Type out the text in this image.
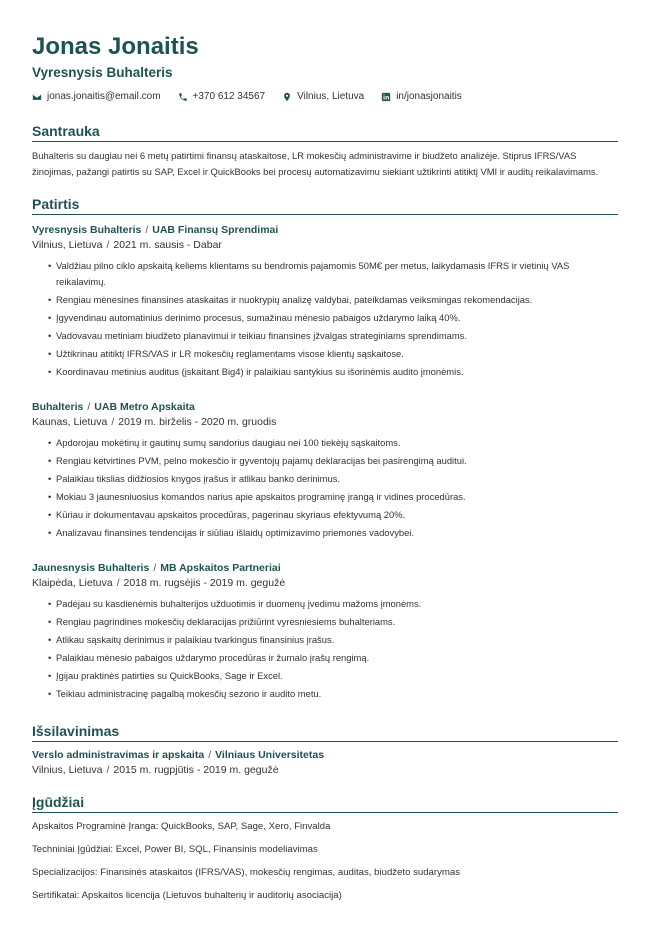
Jonas Jonaitis
Vyresnysis Buhalteris
jonas.jonaitis@email.com	+370 612 34567	Vilnius, Lietuva	in/jonasjonaitis
Santrauka
Buhalteris su daugiau nei 6 metų patirtimi finansų ataskaitose, LR mokesčių administravime ir biudžeto analizėje. Stiprus IFRS/VAS žinojimas, pažangi patirtis su SAP, Excel ir QuickBooks bei procesų automatizavimu siekiant užtikrinti atitiktį VMI ir auditų reikalavimams.
Patirtis
Vyresnysis Buhalteris / UAB Finansų Sprendimai
Vilnius, Lietuva / 2021 m. sausis - Dabar
• Valdžiau pilno ciklo apskaitą keliems klientams su bendromis pajamomis 50M€ per metus, laikydamasis IFRS ir vietinių VAS reikalavimų.
• Rengiau mėnesines finansines ataskaitas ir nuokrypių analizę valdybai, pateikdamas veiksmingas rekomendacijas.
• Įgyvendinau automatinius derinimo procesus, sumažinau mėnesio pabaigos uždarymo laiką 40%.
• Vadovavau metiniam biudžeto planavimui ir teikiau finansines įžvalgas strateginiams sprendimams.
• Užtikrinau atitiktį IFRS/VAS ir LR mokesčių reglamentams visose klientų sąskaitose.
• Koordinavau metinius auditus (įskaitant Big4) ir palaikiau santykius su išorinėmis audito įmonėmis.
Buhalteris / UAB Metro Apskaita
Kaunas, Lietuva / 2019 m. birželis - 2020 m. gruodis
• Apdorojau mokėtinų ir gautinų sumų sandorius daugiau nei 100 tiekėjų sąskaitoms.
• Rengiau ketvirtines PVM, pelno mokesčio ir gyventojų pajamų deklaracijas bei pasirengimą auditui.
• Palaikiau tikslias didžiosios knygos įrašus ir atlikau banko derinimus.
• Mokiau 3 jaunesniuosius komandos narius apie apskaitos programinę įrangą ir vidines procedūras.
• Kūriau ir dokumentavau apskaitos procedūras, pagerinau skyriaus efektyvumą 20%.
• Analizavau finansines tendencijas ir siūliau išlaidų optimizavimo priemones vadovybei.
Jaunesnysis Buhalteris / MB Apskaitos Partneriai
Klaipėda, Lietuva / 2018 m. rugsėjis - 2019 m. gegužė
• Padėjau su kasdienėmis buhalterijos užduotimis ir duomenų įvedimu mažoms įmonėms.
• Rengiau pagrindines mokesčių deklaracijas prižiūrint vyresniesiems buhalteriams.
• Atlikau sąskaitų derinimus ir palaikiau tvarkingus finansinius įrašus.
• Palaikiau mėnesio pabaigos uždarymo procedūras ir žurnalo įrašų rengimą.
• Įgijau praktinės patirties su QuickBooks, Sage ir Excel.
• Teikiau administracinę pagalbą mokesčių sezono ir audito metu.
Išsilavinimas
Verslo administravimas ir apskaita / Vilniaus Universitetas
Vilnius, Lietuva / 2015 m. rugpjūtis - 2019 m. gegužė
Įgūdžiai
Apskaitos Programinė Įranga: QuickBooks, SAP, Sage, Xero, Finvalda
Techniniai Įgūdžiai: Excel, Power BI, SQL, Finansinis modeliavimas
Specializacijos: Finansinės ataskaitos (IFRS/VAS), mokesčių rengimas, auditas, biudžeto sudarymas
Sertifikatai: Apskaitos licencija (Lietuvos buhalterių ir auditorių asociacija)
